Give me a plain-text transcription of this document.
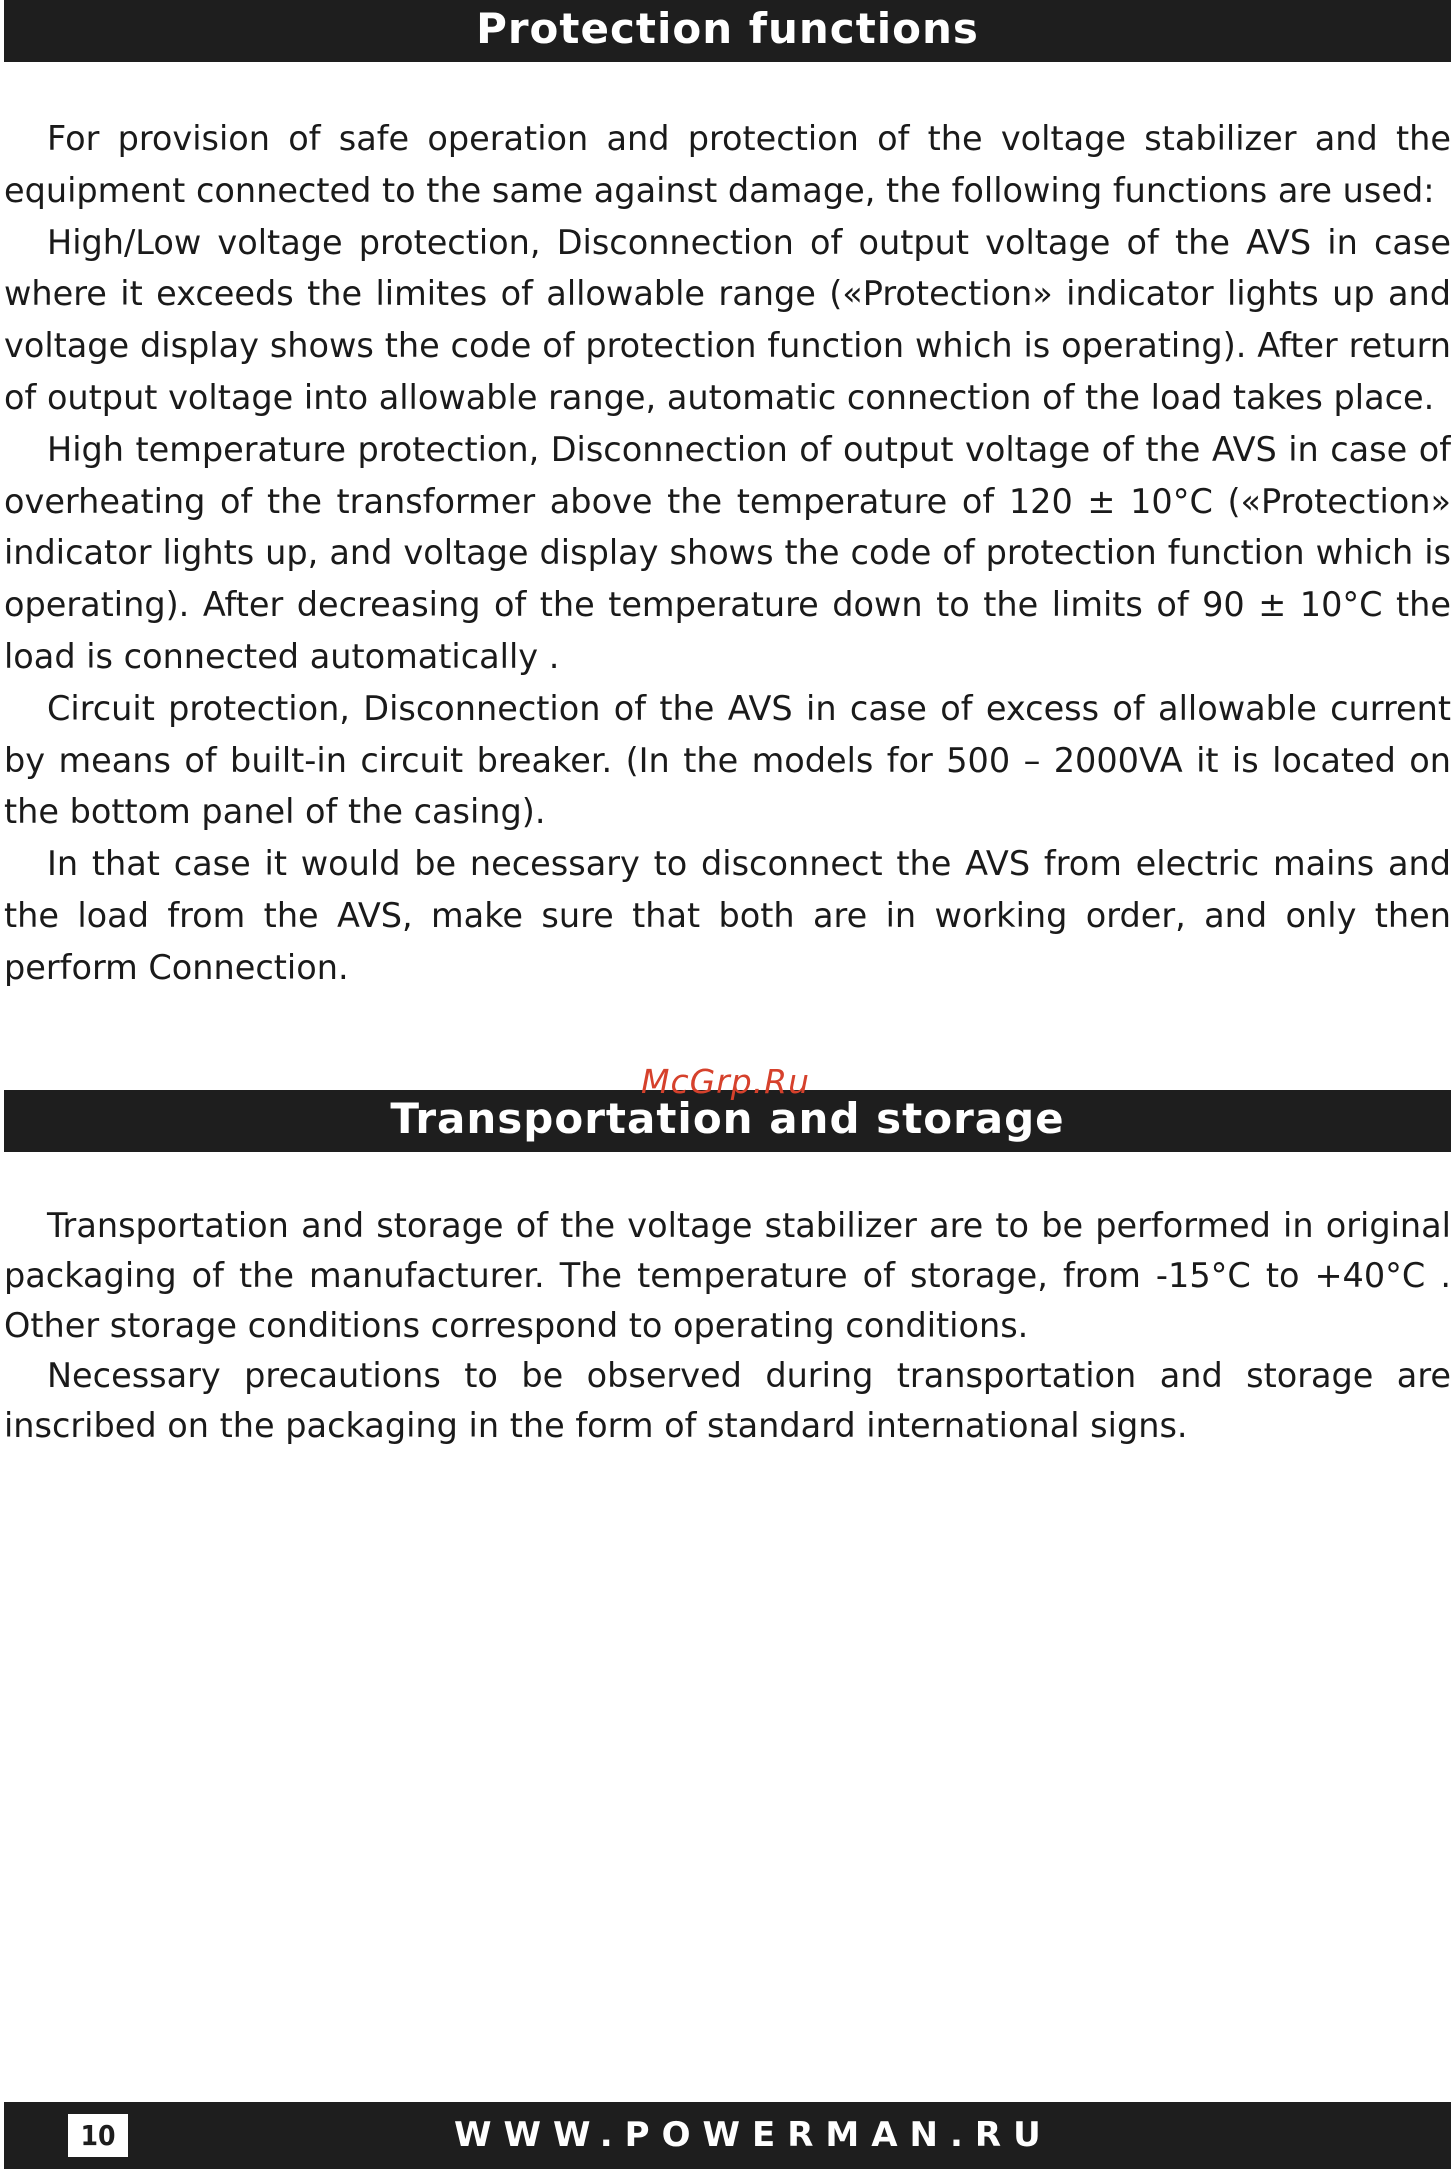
Protection functions

For provision of safe operation and protection of the voltage stabilizer and the equipment connected to the same against damage, the following functions are used:

High/Low voltage protection, Disconnection of output voltage of the AVS in case where it exceeds the limites of allowable range («Protection» indicator lights up and voltage display shows the code of protection function which is operating). After return of output voltage into allowable range, automatic connection of the load takes place.

High temperature protection, Disconnection of output voltage of the AVS in case of overheating of the transformer above the temperature of 120 ± 10°C («Protection» indicator lights up, and voltage display shows the code of protection function which is operating). After decreasing of the temperature down to the limits of 90 ± 10°C the load is connected automatically .

Circuit protection, Disconnection of the AVS in case of excess of allowable current by means of built-in circuit breaker. (In the models for 500 – 2000VA it is located on the bottom panel of the casing).

In that case it would be necessary to disconnect the AVS from electric mains and the load from the AVS, make sure that both are in working order, and only then perform Connection.

Transportation and storage
McGrp.Ru

Transportation and storage of the voltage stabilizer are to be performed in original packaging of the manufacturer. The temperature of storage, from -15°C to +40°C . Other storage conditions correspond to operating conditions.

Necessary precautions to be observed during transportation and storage are inscribed on the packaging in the form of standard international signs.

10	WWW.POWERMAN.RU
